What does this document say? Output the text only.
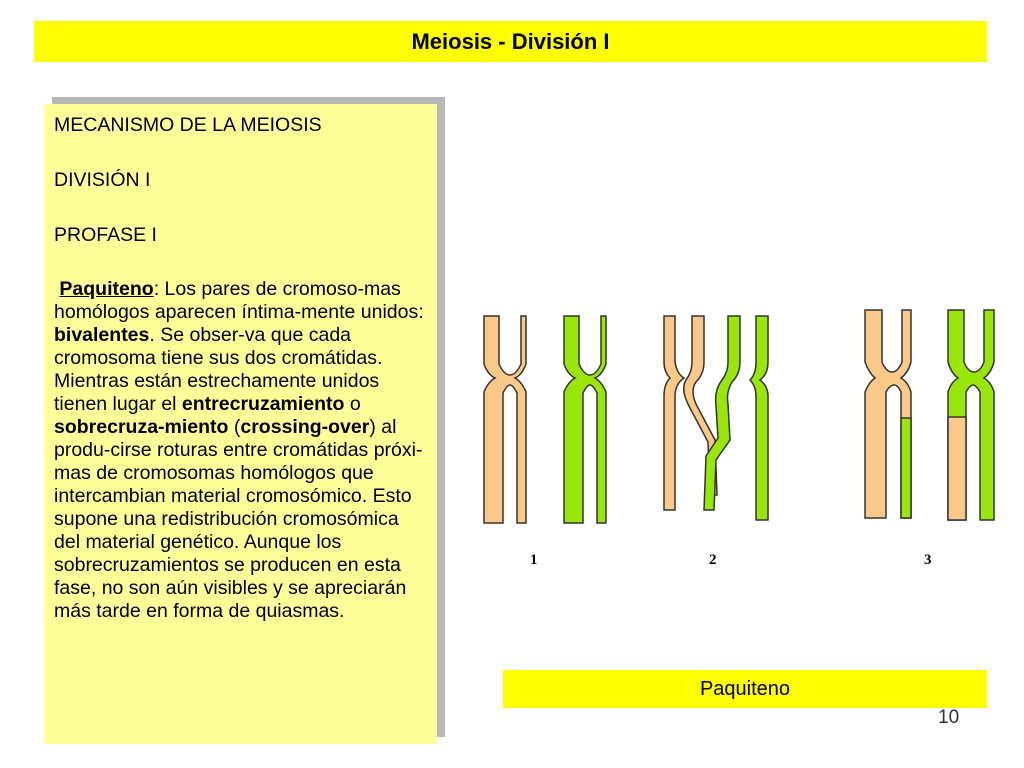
Meiosis - División I
MECANISMO DE LA MEIOSIS
DIVISIÓN I
PROFASE I

Paquiteno: Los pares de cromoso-mas homólogos aparecen íntima-mente unidos: bivalentes. Se obser-va que cada cromosoma tiene sus dos cromátidas. Mientras están estrechamente unidos tienen lugar el entrecruzamiento o sobrecruza-miento (crossing-over) al produ-cirse roturas entre cromátidas próxi-mas de cromosomas homólogos que intercambian material cromosómico. Esto supone una redistribución cromosómica del material genético. Aunque los sobrecruzamientos se producen en esta fase, no son aún visibles y se apreciarán más tarde en forma de quiasmas.

1	2	3
Paquiteno
10
